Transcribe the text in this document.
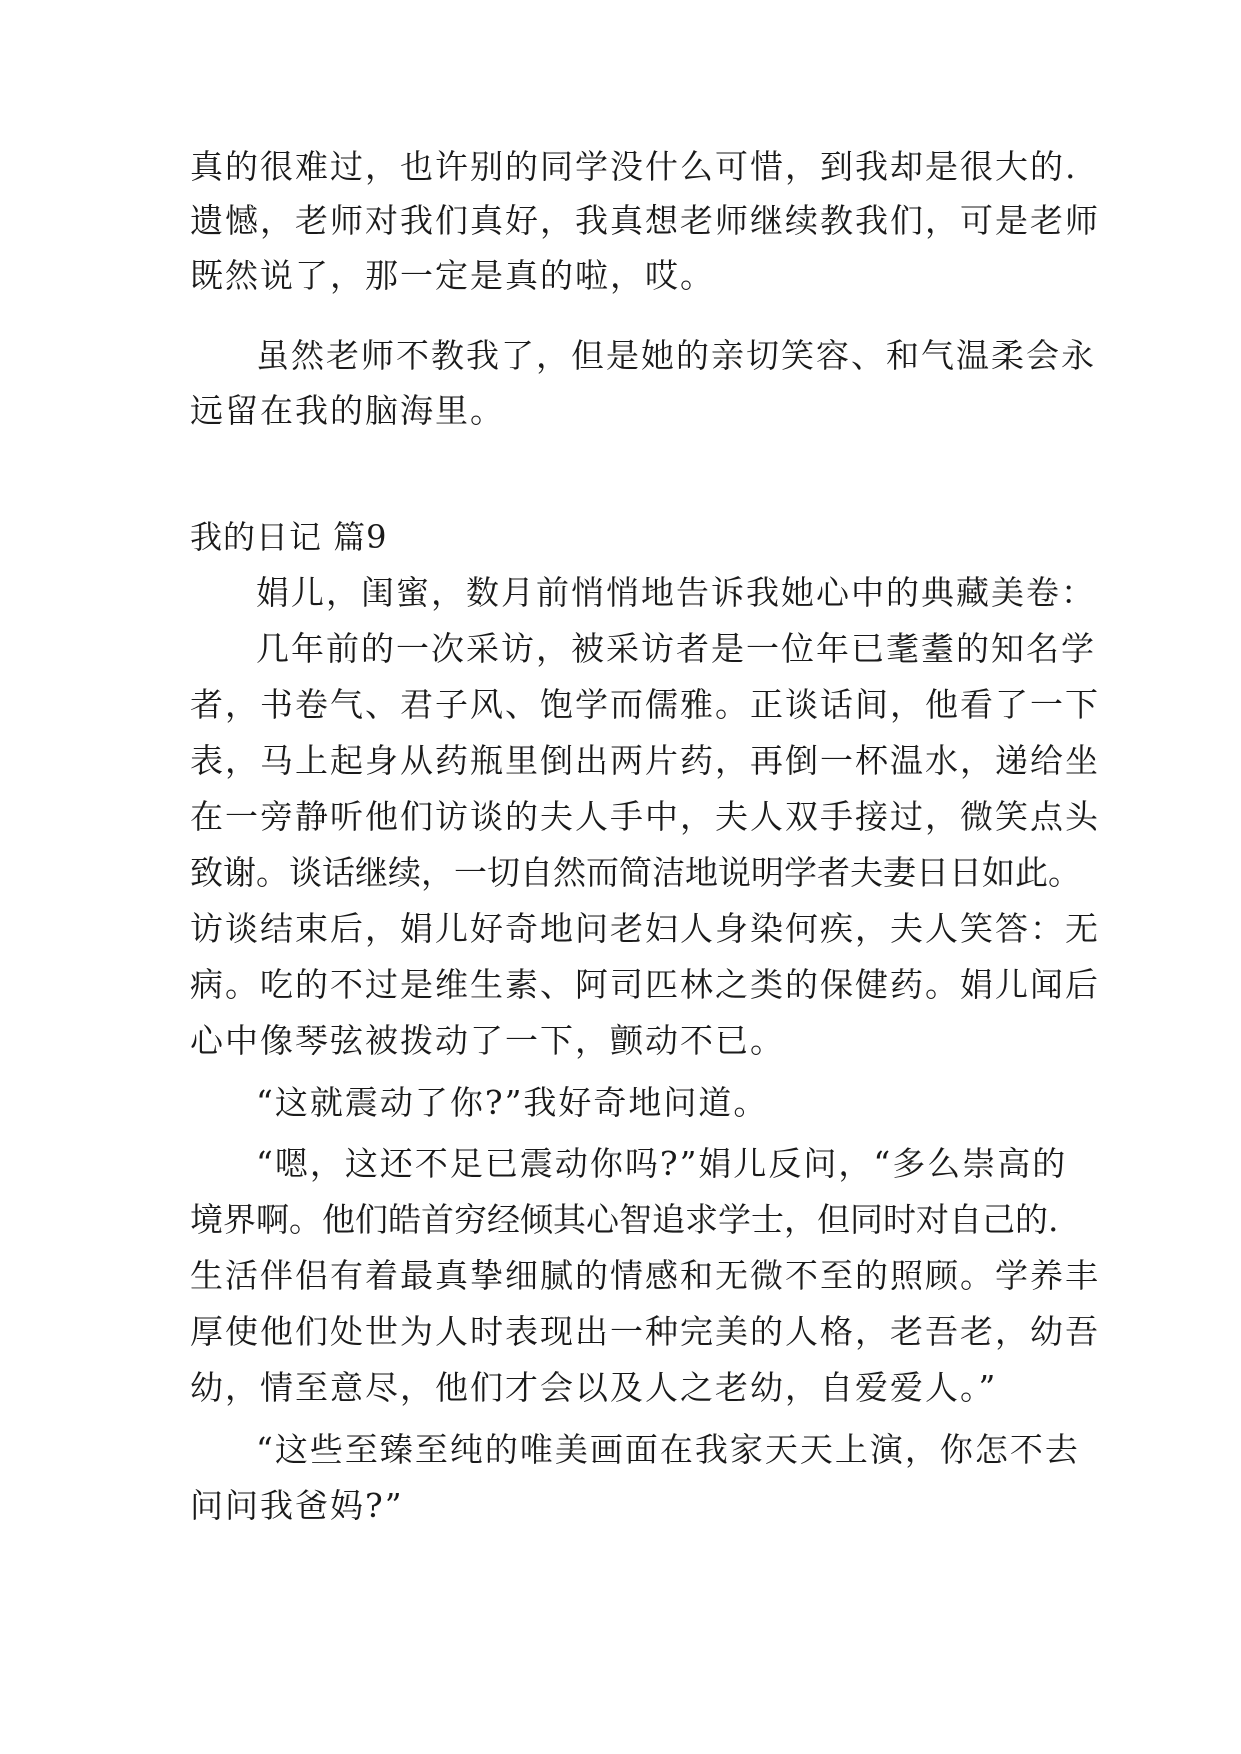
真的很难过，也许别的同学没什么可惜，到我却是很大的.
遗憾，老师对我们真好，我真想老师继续教我们，可是老师
既然说了，那一定是真的啦，哎。
虽然老师不教我了，但是她的亲切笑容、和气温柔会永
远留在我的脑海里。
我的日记 篇9
娟儿，闺蜜，数月前悄悄地告诉我她心中的典藏美卷：
几年前的一次采访，被采访者是一位年已耄耋的知名学
者，书卷气、君子风、饱学而儒雅。正谈话间，他看了一下
表，马上起身从药瓶里倒出两片药，再倒一杯温水，递给坐
在一旁静听他们访谈的夫人手中，夫人双手接过，微笑点头
致谢。谈话继续，一切自然而简洁地说明学者夫妻日日如此。
访谈结束后，娟儿好奇地问老妇人身染何疾，夫人笑答：无
病。吃的不过是维生素、阿司匹林之类的保健药。娟儿闻后
心中像琴弦被拨动了一下，颤动不已。
“这就震动了你?”我好奇地问道。
“嗯，这还不足已震动你吗?”娟儿反问，“多么崇高的
境界啊。他们皓首穷经倾其心智追求学士，但同时对自己的.
生活伴侣有着最真挚细腻的情感和无微不至的照顾。学养丰
厚使他们处世为人时表现出一种完美的人格，老吾老，幼吾
幼，情至意尽，他们才会以及人之老幼，自爱爱人。”
“这些至臻至纯的唯美画面在我家天天上演，你怎不去
问问我爸妈?”
